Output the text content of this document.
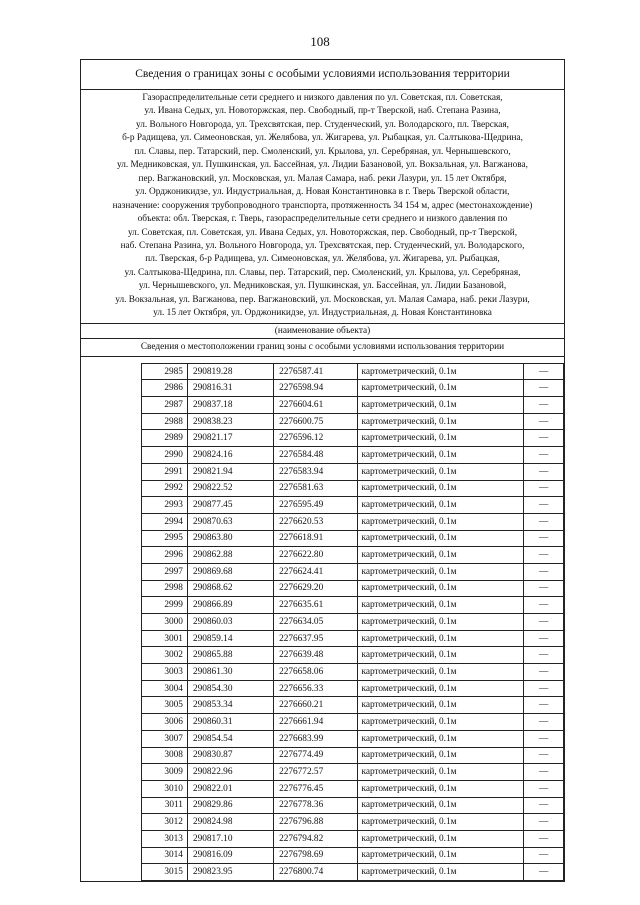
108
Сведения о границах зоны с особыми условиями использования территории
Газораспределительные сети среднего и низкого давления по ул. Советская, пл. Советская,
ул. Ивана Седых, ул. Новоторжская, пер. Свободный, пр-т Тверской, наб. Степана Разина,
ул. Вольного Новгорода, ул. Трехсвятская, пер. Студенческий, ул. Володарского, пл. Тверская,
б-р Радищева, ул. Симеоновская, ул. Желябова, ул. Жигарева, ул. Рыбацкая, ул. Салтыкова-Щедрина,
пл. Славы, пер. Татарский, пер. Смоленский, ул. Крылова, ул. Серебряная, ул. Чернышевского,
ул. Медниковская, ул. Пушкинская, ул. Бассейная, ул. Лидии Базановой, ул. Вокзальная, ул. Вагжанова,
пер. Вагжановский, ул. Московская, ул. Малая Самара, наб. реки Лазури, ул. 15 лет Октября,
ул. Орджоникидзе, ул. Индустриальная, д. Новая Константиновка в г. Тверь Тверской области,
назначение: сооружения трубопроводного транспорта, протяженность 34 154 м, адрес (местонахождение)
объекта: обл. Тверская, г. Тверь, газораспределительные сети среднего и низкого давления по
ул. Советская, пл. Советская, ул. Ивана Седых, ул. Новоторжская, пер. Свободный, пр-т Тверской,
наб. Степана Разина, ул. Вольного Новгорода, ул. Трехсвятская, пер. Студенческий, ул. Володарского,
пл. Тверская, б-р Радищева, ул. Симеоновская, ул. Желябова, ул. Жигарева, ул. Рыбацкая,
ул. Салтыкова-Щедрина, пл. Славы, пер. Татарский, пер. Смоленский, ул. Крылова, ул. Серебряная,
ул. Чернышевского, ул. Медниковская, ул. Пушкинская, ул. Бассейная, ул. Лидии Базановой,
ул. Вокзальная, ул. Вагжанова, пер. Вагжановский, ул. Московская, ул. Малая Самара, наб. реки Лазури,
ул. 15 лет Октября, ул. Орджоникидзе, ул. Индустриальная, д. Новая Константиновка
(наименование объекта)
Сведения о местоположении границ зоны с особыми условиями использования территории
2985	290819.28	2276587.41	картометрический, 0.1м	—
2986	290816.31	2276598.94	картометрический, 0.1м	—
2987	290837.18	2276604.61	картометрический, 0.1м	—
2988	290838.23	2276600.75	картометрический, 0.1м	—
2989	290821.17	2276596.12	картометрический, 0.1м	—
2990	290824.16	2276584.48	картометрический, 0.1м	—
2991	290821.94	2276583.94	картометрический, 0.1м	—
2992	290822.52	2276581.63	картометрический, 0.1м	—
2993	290877.45	2276595.49	картометрический, 0.1м	—
2994	290870.63	2276620.53	картометрический, 0.1м	—
2995	290863.80	2276618.91	картометрический, 0.1м	—
2996	290862.88	2276622.80	картометрический, 0.1м	—
2997	290869.68	2276624.41	картометрический, 0.1м	—
2998	290868.62	2276629.20	картометрический, 0.1м	—
2999	290866.89	2276635.61	картометрический, 0.1м	—
3000	290860.03	2276634.05	картометрический, 0.1м	—
3001	290859.14	2276637.95	картометрический, 0.1м	—
3002	290865.88	2276639.48	картометрический, 0.1м	—
3003	290861.30	2276658.06	картометрический, 0.1м	—
3004	290854.30	2276656.33	картометрический, 0.1м	—
3005	290853.34	2276660.21	картометрический, 0.1м	—
3006	290860.31	2276661.94	картометрический, 0.1м	—
3007	290854.54	2276683.99	картометрический, 0.1м	—
3008	290830.87	2276774.49	картометрический, 0.1м	—
3009	290822.96	2276772.57	картометрический, 0.1м	—
3010	290822.01	2276776.45	картометрический, 0.1м	—
3011	290829.86	2276778.36	картометрический, 0.1м	—
3012	290824.98	2276796.88	картометрический, 0.1м	—
3013	290817.10	2276794.82	картометрический, 0.1м	—
3014	290816.09	2276798.69	картометрический, 0.1м	—
3015	290823.95	2276800.74	картометрический, 0.1м	—
